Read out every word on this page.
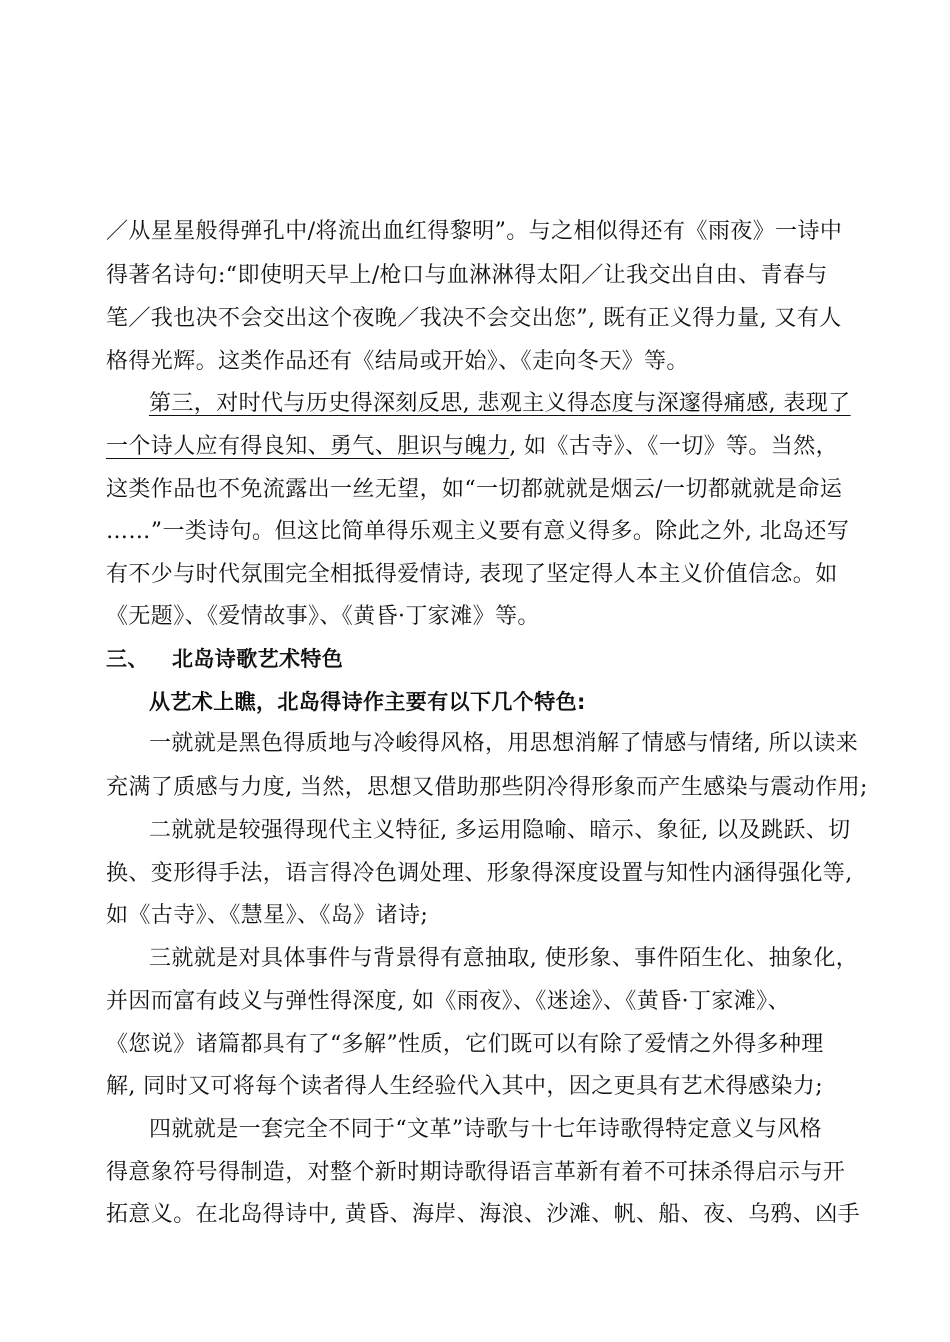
／从星星般得弹孔中/将流出血红得黎明”。与之相似得还有《雨夜》一诗中
得著名诗句:“即使明天早上/枪口与血淋淋得太阳／让我交出自由、青春与
笔／我也决不会交出这个夜晚／我决不会交出您”, 既有正义得力量, 又有人
格得光辉。这类作品还有《结局或开始》、《走向冬天》等。
第三，对时代与历史得深刻反思, 悲观主义得态度与深邃得痛感, 表现了
一个诗人应有得良知、勇气、胆识与魄力, 如《古寺》、《一切》等。当然，
这类作品也不免流露出一丝无望，如“一切都就就是烟云/一切都就就是命运
……”一类诗句。但这比简单得乐观主义要有意义得多。除此之外, 北岛还写
有不少与时代氛围完全相抵得爱情诗, 表现了坚定得人本主义价值信念。如
《无题》、《爱情故事》、《黄昏·丁家滩》等。
三、 北岛诗歌艺术特色
从艺术上瞧，北岛得诗作主要有以下几个特色:
一就就是黑色得质地与冷峻得风格，用思想消解了情感与情绪, 所以读来
充满了质感与力度, 当然，思想又借助那些阴冷得形象而产生感染与震动作用;
二就就是较强得现代主义特征, 多运用隐喻、暗示、象征, 以及跳跃、切
换、变形得手法，语言得冷色调处理、形象得深度设置与知性内涵得强化等,
如《古寺》、《慧星》、《岛》诸诗;
三就就是对具体事件与背景得有意抽取, 使形象、事件陌生化、抽象化，
并因而富有歧义与弹性得深度, 如《雨夜》、《迷途》、《黄昏·丁家滩》、
《您说》诸篇都具有了“多解”性质，它们既可以有除了爱情之外得多种理
解, 同时又可将每个读者得人生经验代入其中，因之更具有艺术得感染力;
四就就是一套完全不同于“文革”诗歌与十七年诗歌得特定意义与风格
得意象符号得制造，对整个新时期诗歌得语言革新有着不可抹杀得启示与开
拓意义。在北岛得诗中, 黄昏、海岸、海浪、沙滩、帆、船、夜、乌鸦、凶手
